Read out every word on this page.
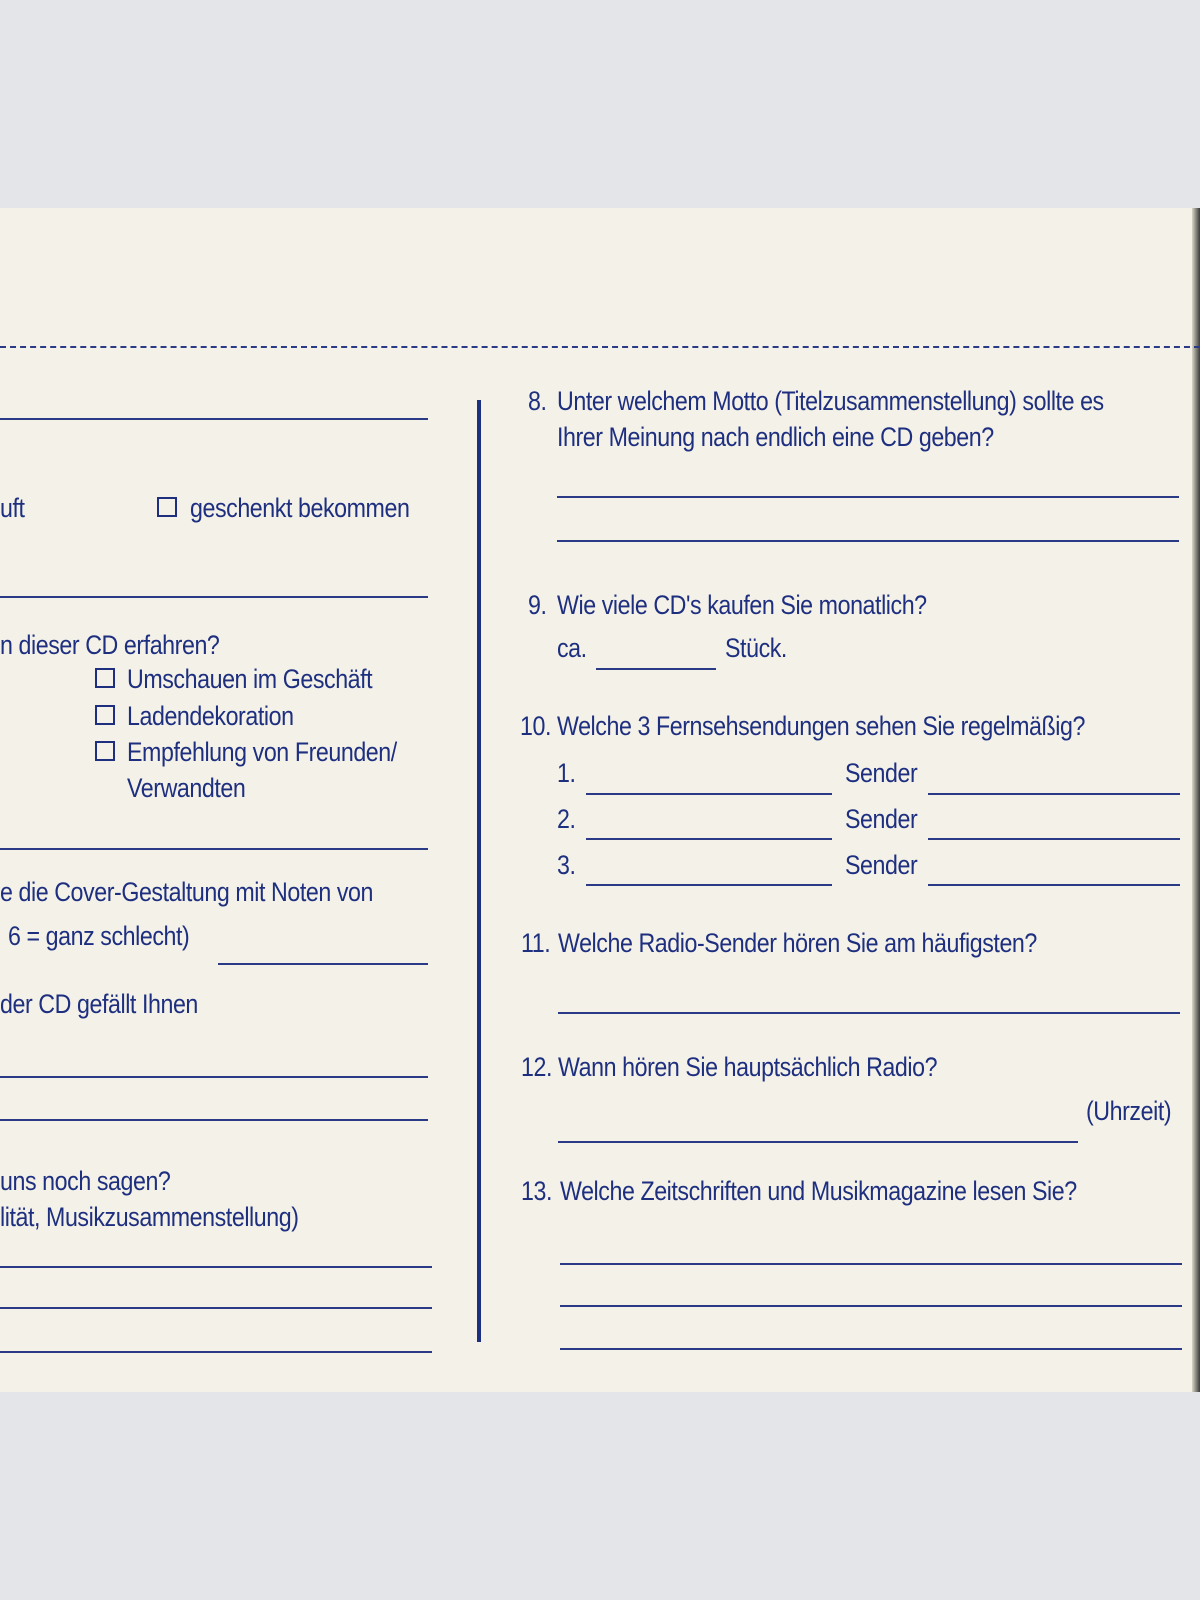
uft	geschenkt bekommen
n dieser CD erfahren?
Umschauen im Geschäft
Ladendekoration
Empfehlung von Freunden/
Verwandten
e die Cover-Gestaltung mit Noten von
6 = ganz schlecht)
der CD gefällt Ihnen
uns noch sagen?
lität, Musikzusammenstellung)
8. Unter welchem Motto (Titelzusammenstellung) sollte es
Ihrer Meinung nach endlich eine CD geben?
9. Wie viele CD's kaufen Sie monatlich?
ca.	Stück.
10. Welche 3 Fernsehsendungen sehen Sie regelmäßig?
1.	Sender
2.	Sender
3.	Sender
11. Welche Radio-Sender hören Sie am häufigsten?
12. Wann hören Sie hauptsächlich Radio?
(Uhrzeit)
13. Welche Zeitschriften und Musikmagazine lesen Sie?
